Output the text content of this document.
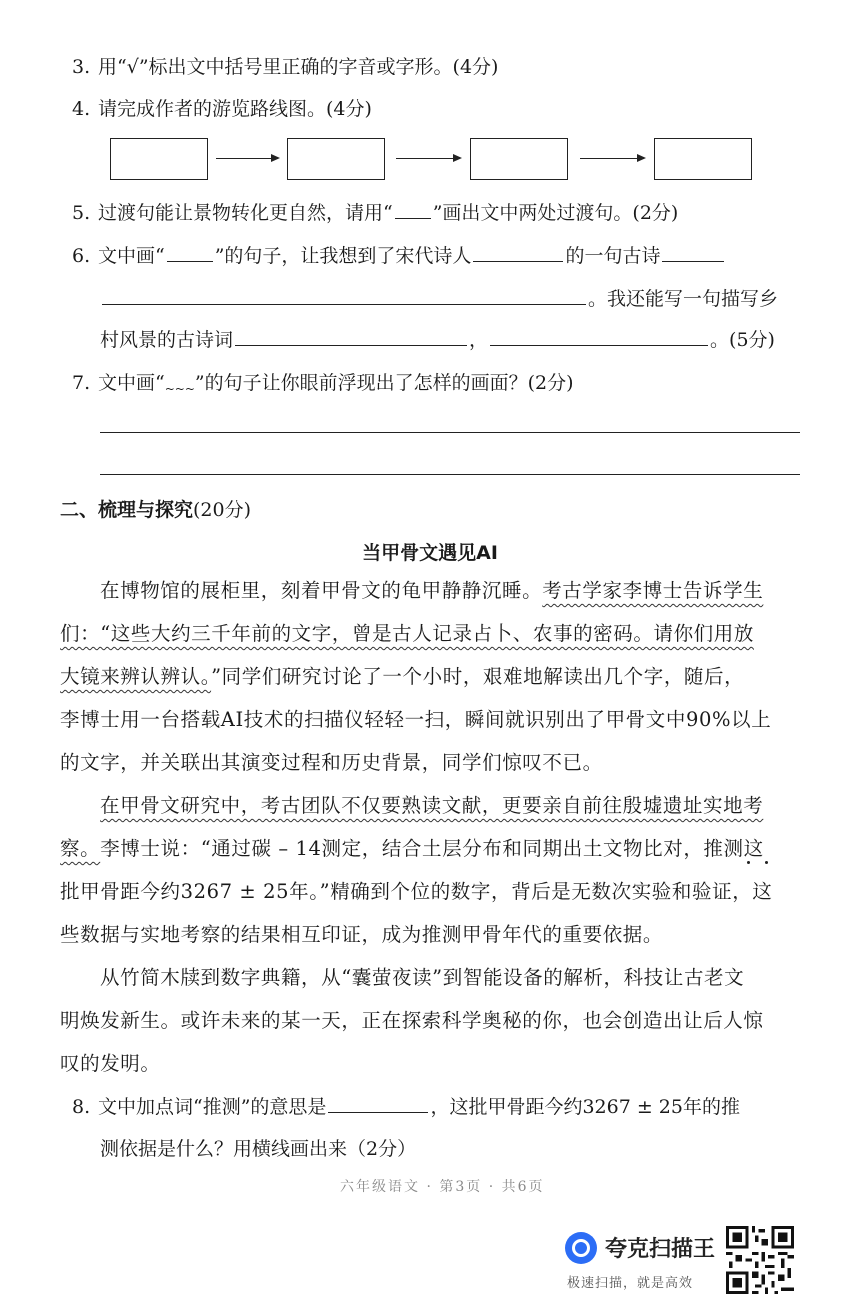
3. 用“√”标出文中括号里正确的字音或字形。(4分)
4. 请完成作者的游览路线图。(4分)
5. 过渡句能让景物转化更自然，请用“ ”画出文中两处过渡句。(2分)
6. 文中画“	”的句子，让我想到了宋代诗人	的一句古诗
。我还能写一句描写乡
村风景的古诗词	，	。(5分)
7. 文中画“$_{\sim\sim\sim}$”的句子让你眼前浮现出了怎样的画面？(2分)
二、梳理与探究(20分)
当甲骨文遇见AI
在博物馆的展柜里，刻着甲骨文的龟甲静静沉睡。考古学家李博士告诉学生
们：“这些大约三千年前的文字，曾是古人记录占卜、农事的密码。请你们用放
大镜来辨认辨认。”同学们研究讨论了一个小时，艰难地解读出几个字，随后，
李博士用一台搭载AI技术的扫描仪轻轻一扫，瞬间就识别出了甲骨文中90%以上
的文字，并关联出其演变过程和历史背景，同学们惊叹不已。
在甲骨文研究中，考古团队不仅要熟读文献，更要亲自前往殷墟遗址实地考
察。李博士说：“通过碳 – 14测定，结合土层分布和同期出土文物比对，推测这
批甲骨距今约3267 ± 25年。”精确到个位的数字，背后是无数次实验和验证，这
些数据与实地考察的结果相互印证，成为推测甲骨年代的重要依据。
从竹简木牍到数字典籍，从“囊萤夜读”到智能设备的解析，科技让古老文
明焕发新生。或许未来的某一天，正在探索科学奥秘的你，也会创造出让后人惊
叹的发明。
8. 文中加点词“推测”的意思是	，这批甲骨距今约3267 ± 25年的推
测依据是什么？用横线画出来（2分）
六年级语文 · 第3页 · 共6页
夸克扫描王
极速扫描，就是高效
